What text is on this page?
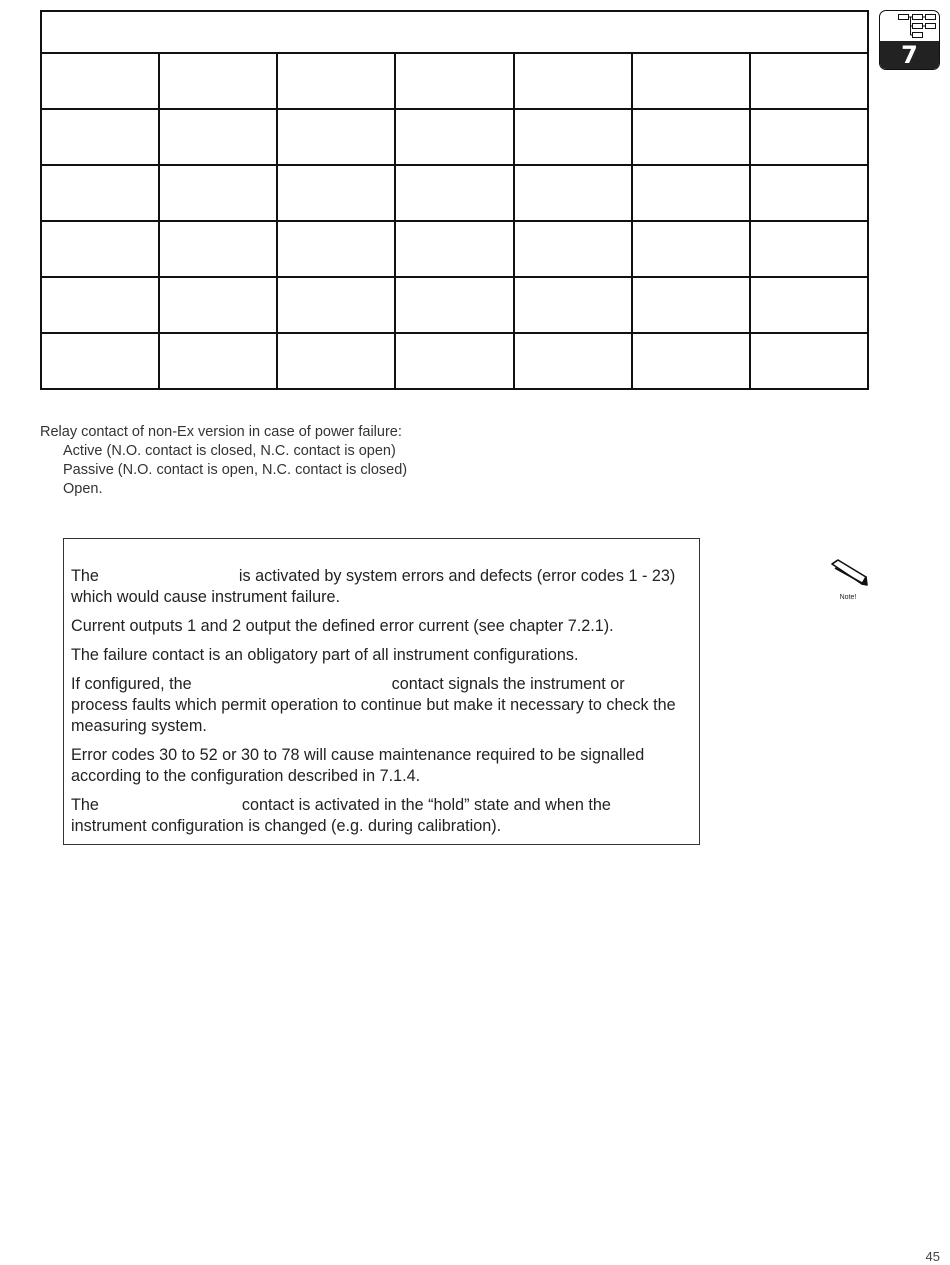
7
Relay contact of non-Ex version in case of power failure:
Active (N.O. contact is closed, N.C. contact is open)
Passive (N.O. contact is open, N.C. contact is closed)
Open.

The	is activated by system errors and defects (error codes 1 - 23) which would cause instrument failure.

Current outputs 1 and 2 output the defined error current (see chapter 7.2.1).

The failure contact is an obligatory part of all instrument configurations.

If configured, the	contact signals the instrument or process faults which permit operation to continue but make it necessary to check the measuring system.

Error codes 30 to 52 or 30 to 78 will cause maintenance required to be signalled according to the configuration described in 7.1.4.

The	contact is activated in the “hold” state and when the instrument configuration is changed (e.g. during calibration).

Note!
45
